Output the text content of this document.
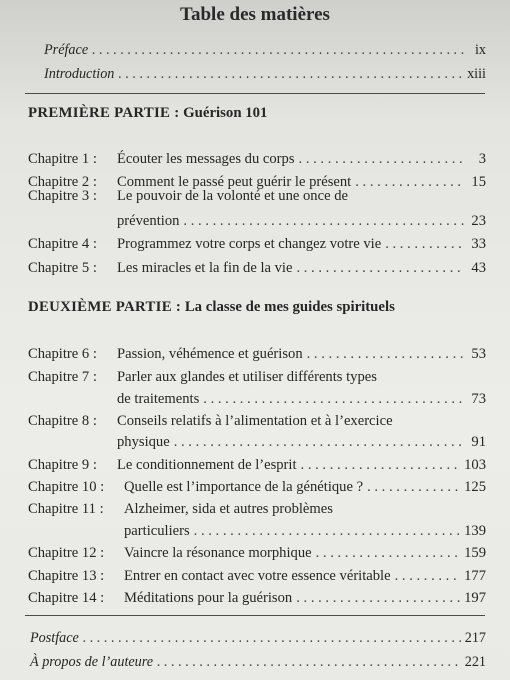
Table des matières
Préface . . .	ix
Introduction . . .	xiii
PREMIÈRE PARTIE : Guérison 101
Chapitre 1 :	Écouter les messages du corps . . .	3
Chapitre 2 :	Comment le passé peut guérir le présent . . .	15
Chapitre 3 :	Le pouvoir de la volonté et une once de
prévention . . .	23
Chapitre 4 :	Programmez votre corps et changez votre vie . . .	33
Chapitre 5 :	Les miracles et la fin de la vie . . .	43
DEUXIÈME PARTIE : La classe de mes guides spirituels
Chapitre 6 :	Passion, véhémence et guérison . . .	53
Chapitre 7 :	Parler aux glandes et utiliser différents types
de traitements . . .	73
Chapitre 8 :	Conseils relatifs à l’alimentation et à l’exercice
physique . . .	91
Chapitre 9 :	Le conditionnement de l’esprit . . .	103
Chapitre 10 :	Quelle est l’importance de la génétique ? . . .	125
Chapitre 11 :	Alzheimer, sida et autres problèmes
particuliers . . .	139
Chapitre 12 :	Vaincre la résonance morphique . . .	159
Chapitre 13 :	Entrer en contact avec votre essence véritable . . .	177
Chapitre 14 :	Méditations pour la guérison . . .	197
Postface . . .	217
À propos de l’auteure . . .	221
